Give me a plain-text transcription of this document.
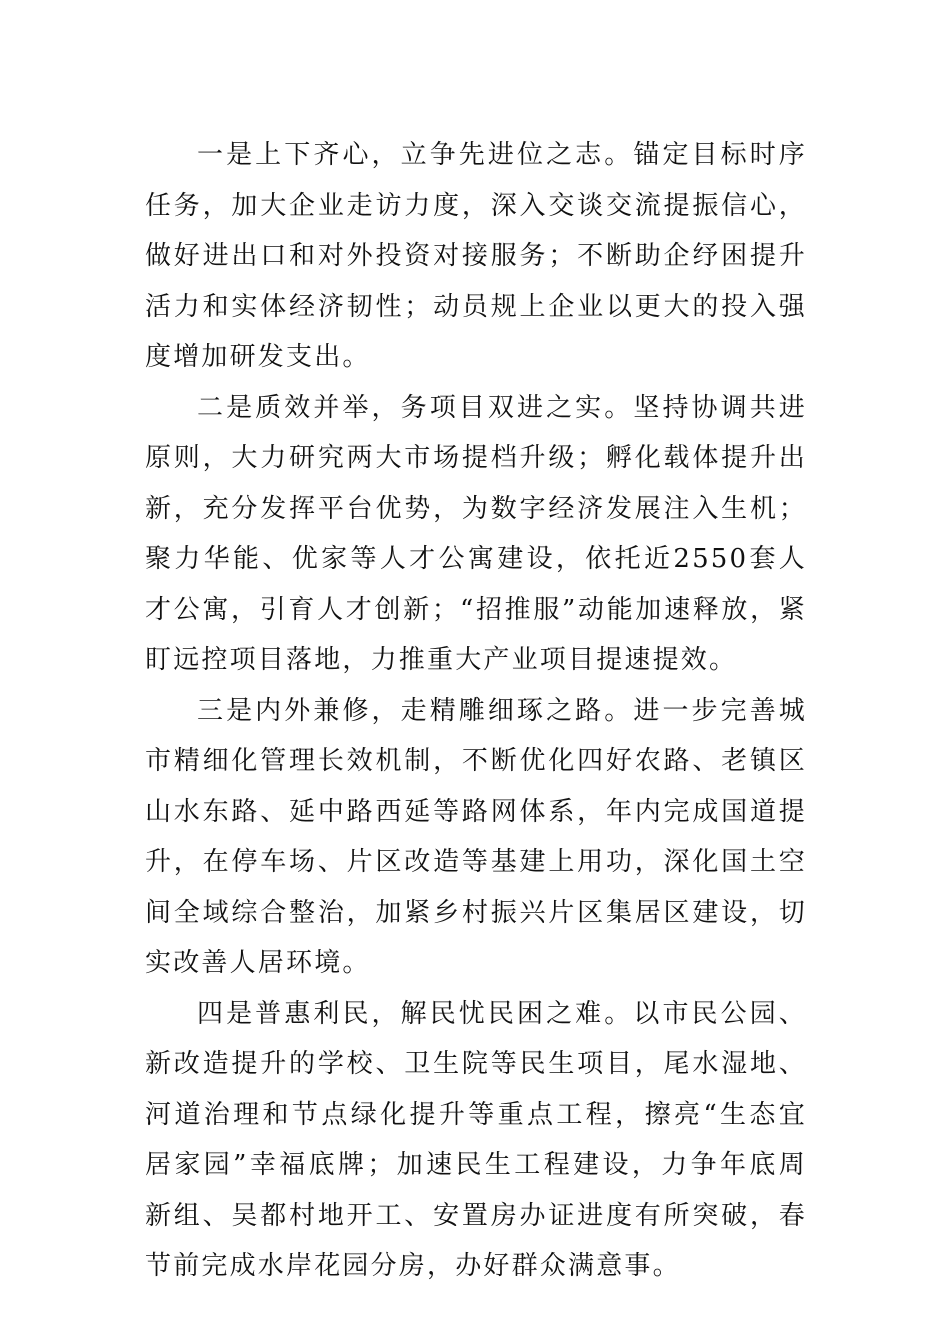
一是上下齐心，立争先进位之志。锚定目标时序任务，加大企业走访力度，深入交谈交流提振信心，做好进出口和对外投资对接服务；不断助企纾困提升活力和实体经济韧性；动员规上企业以更大的投入强度增加研发支出。

二是质效并举，务项目双进之实。坚持协调共进原则，大力研究两大市场提档升级；孵化载体提升出新，充分发挥平台优势，为数字经济发展注入生机；聚力华能、优家等人才公寓建设，依托近2550套人才公寓，引育人才创新；“招推服”动能加速释放，紧盯远控项目落地，力推重大产业项目提速提效。

三是内外兼修，走精雕细琢之路。进一步完善城市精细化管理长效机制，不断优化四好农路、老镇区山水东路、延中路西延等路网体系，年内完成国道提升，在停车场、片区改造等基建上用功，深化国土空间全域综合整治，加紧乡村振兴片区集居区建设，切实改善人居环境。

四是普惠利民，解民忧民困之难。以市民公园、新改造提升的学校、卫生院等民生项目，尾水湿地、河道治理和节点绿化提升等重点工程，擦亮“生态宜居家园”幸福底牌；加速民生工程建设，力争年底周新组、吴都村地开工、安置房办证进度有所突破，春节前完成水岸花园分房，办好群众满意事。
